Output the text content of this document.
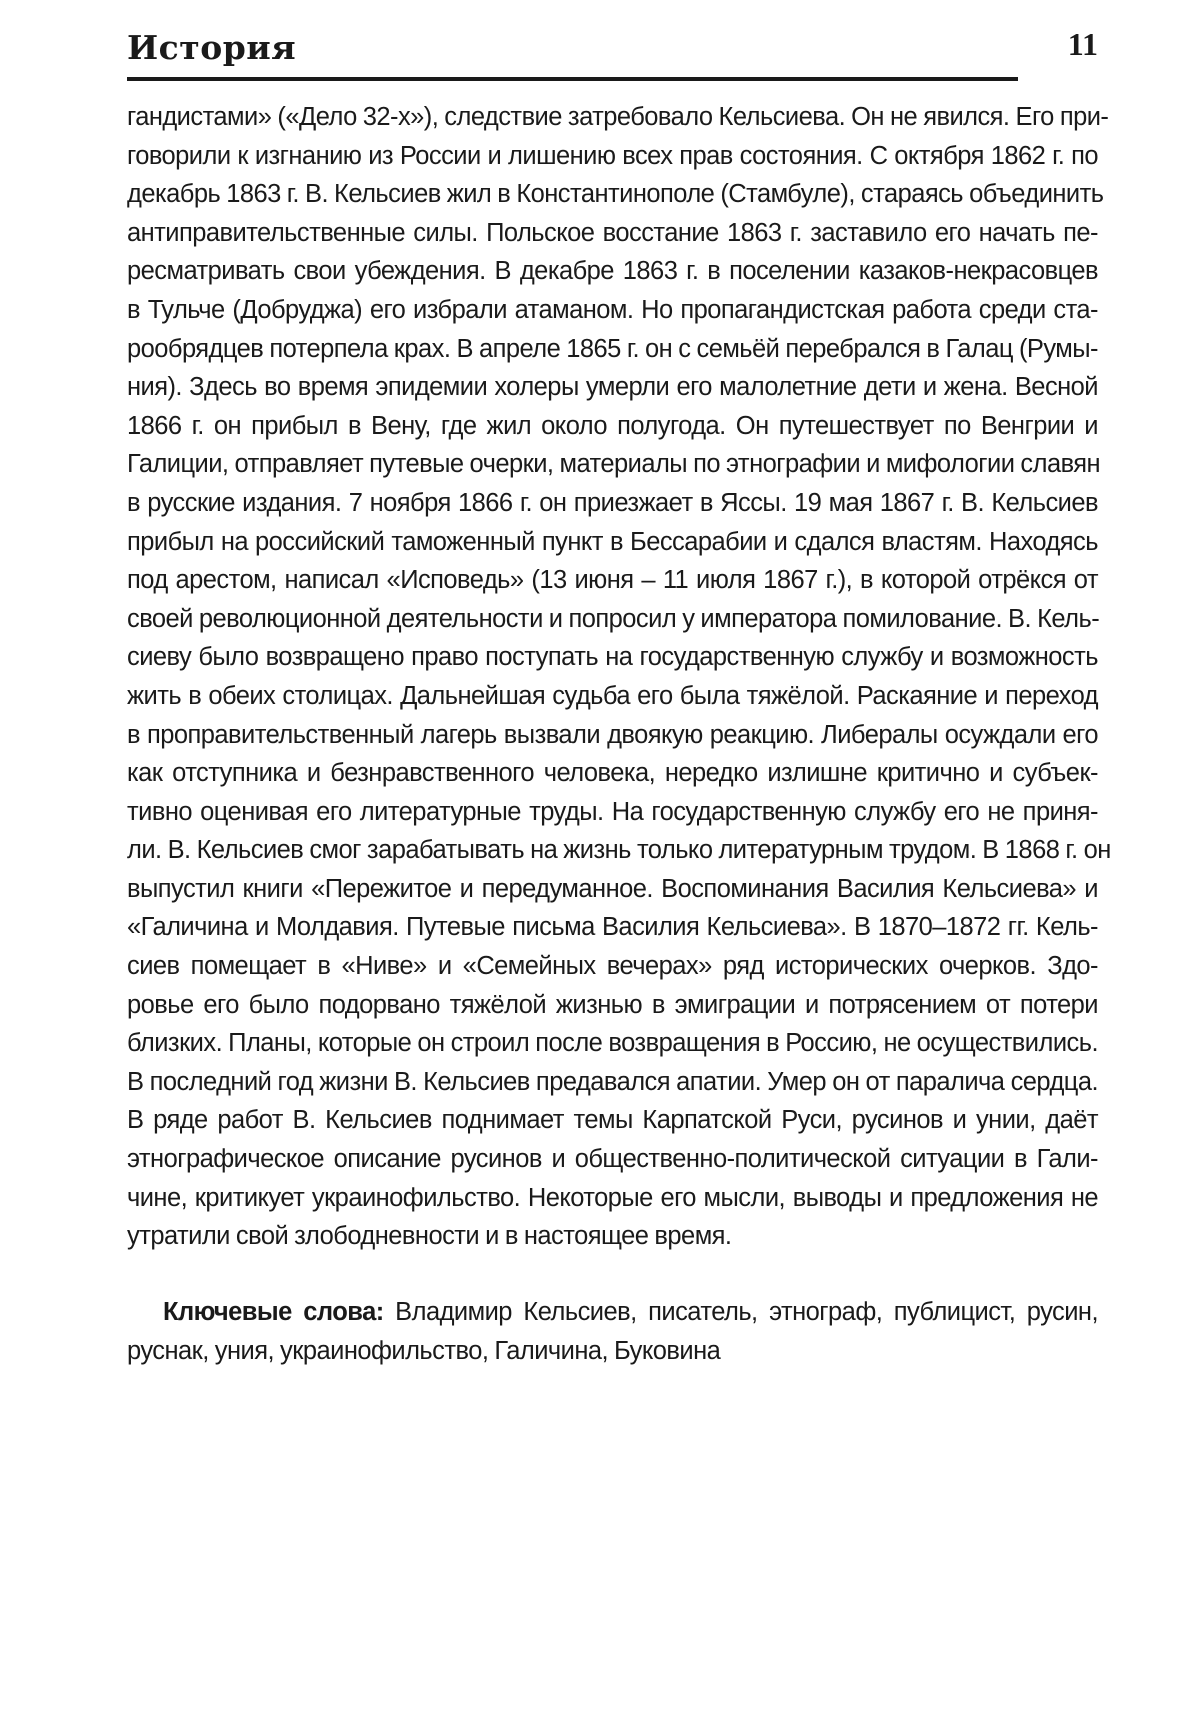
История	11
гандистами» («Дело 32-х»), следствие затребовало Кельсиева. Он не явился. Его при-
говорили к изгнанию из России и лишению всех прав состояния. С октября 1862 г. по
декабрь 1863 г. В. Кельсиев жил в Константинополе (Стамбуле), стараясь объединить
антиправительственные силы. Польское восстание 1863 г. заставило его начать пе-
ресматривать свои убеждения. В декабре 1863 г. в поселении казаков-некрасовцев
в Тульче (Добруджа) его избрали атаманом. Но пропагандистская работа среди ста-
рообрядцев потерпела крах. В апреле 1865 г. он с семьёй перебрался в Галац (Румы-
ния). Здесь во время эпидемии холеры умерли его малолетние дети и жена. Весной
1866 г. он прибыл в Вену, где жил около полугода. Он путешествует по Венгрии и
Галиции, отправляет путевые очерки, материалы по этнографии и мифологии славян
в русские издания. 7 ноября 1866 г. он приезжает в Яссы. 19 мая 1867 г. В. Кельсиев
прибыл на российский таможенный пункт в Бессарабии и сдался властям. Находясь
под арестом, написал «Исповедь» (13 июня – 11 июля 1867 г.), в которой отрёкся от
своей революционной деятельности и попросил у императора помилование. В. Кель-
сиеву было возвращено право поступать на государственную службу и возможность
жить в обеих столицах. Дальнейшая судьба его была тяжёлой. Раскаяние и переход
в проправительственный лагерь вызвали двоякую реакцию. Либералы осуждали его
как отступника и безнравственного человека, нередко излишне критично и субъек-
тивно оценивая его литературные труды. На государственную службу его не приня-
ли. В. Кельсиев смог зарабатывать на жизнь только литературным трудом. В 1868 г. он
выпустил книги «Пережитое и передуманное. Воспоминания Василия Кельсиева» и
«Галичина и Молдавия. Путевые письма Василия Кельсиева». В 1870–1872 гг. Кель-
сиев помещает в «Ниве» и «Семейных вечерах» ряд исторических очерков. Здо-
ровье его было подорвано тяжёлой жизнью в эмиграции и потрясением от потери
близких. Планы, которые он строил после возвращения в Россию, не осуществились.
В последний год жизни В. Кельсиев предавался апатии. Умер он от паралича сердца.
В ряде работ В. Кельсиев поднимает темы Карпатской Руси, русинов и унии, даёт
этнографическое описание русинов и общественно-политической ситуации в Гали-
чине, критикует украинофильство. Некоторые его мысли, выводы и предложения не
утратили свой злободневности и в настоящее время.
Ключевые слова: Владимир Кельсиев, писатель, этнограф, публицист, русин,
руснак, уния, украинофильство, Галичина, Буковина
